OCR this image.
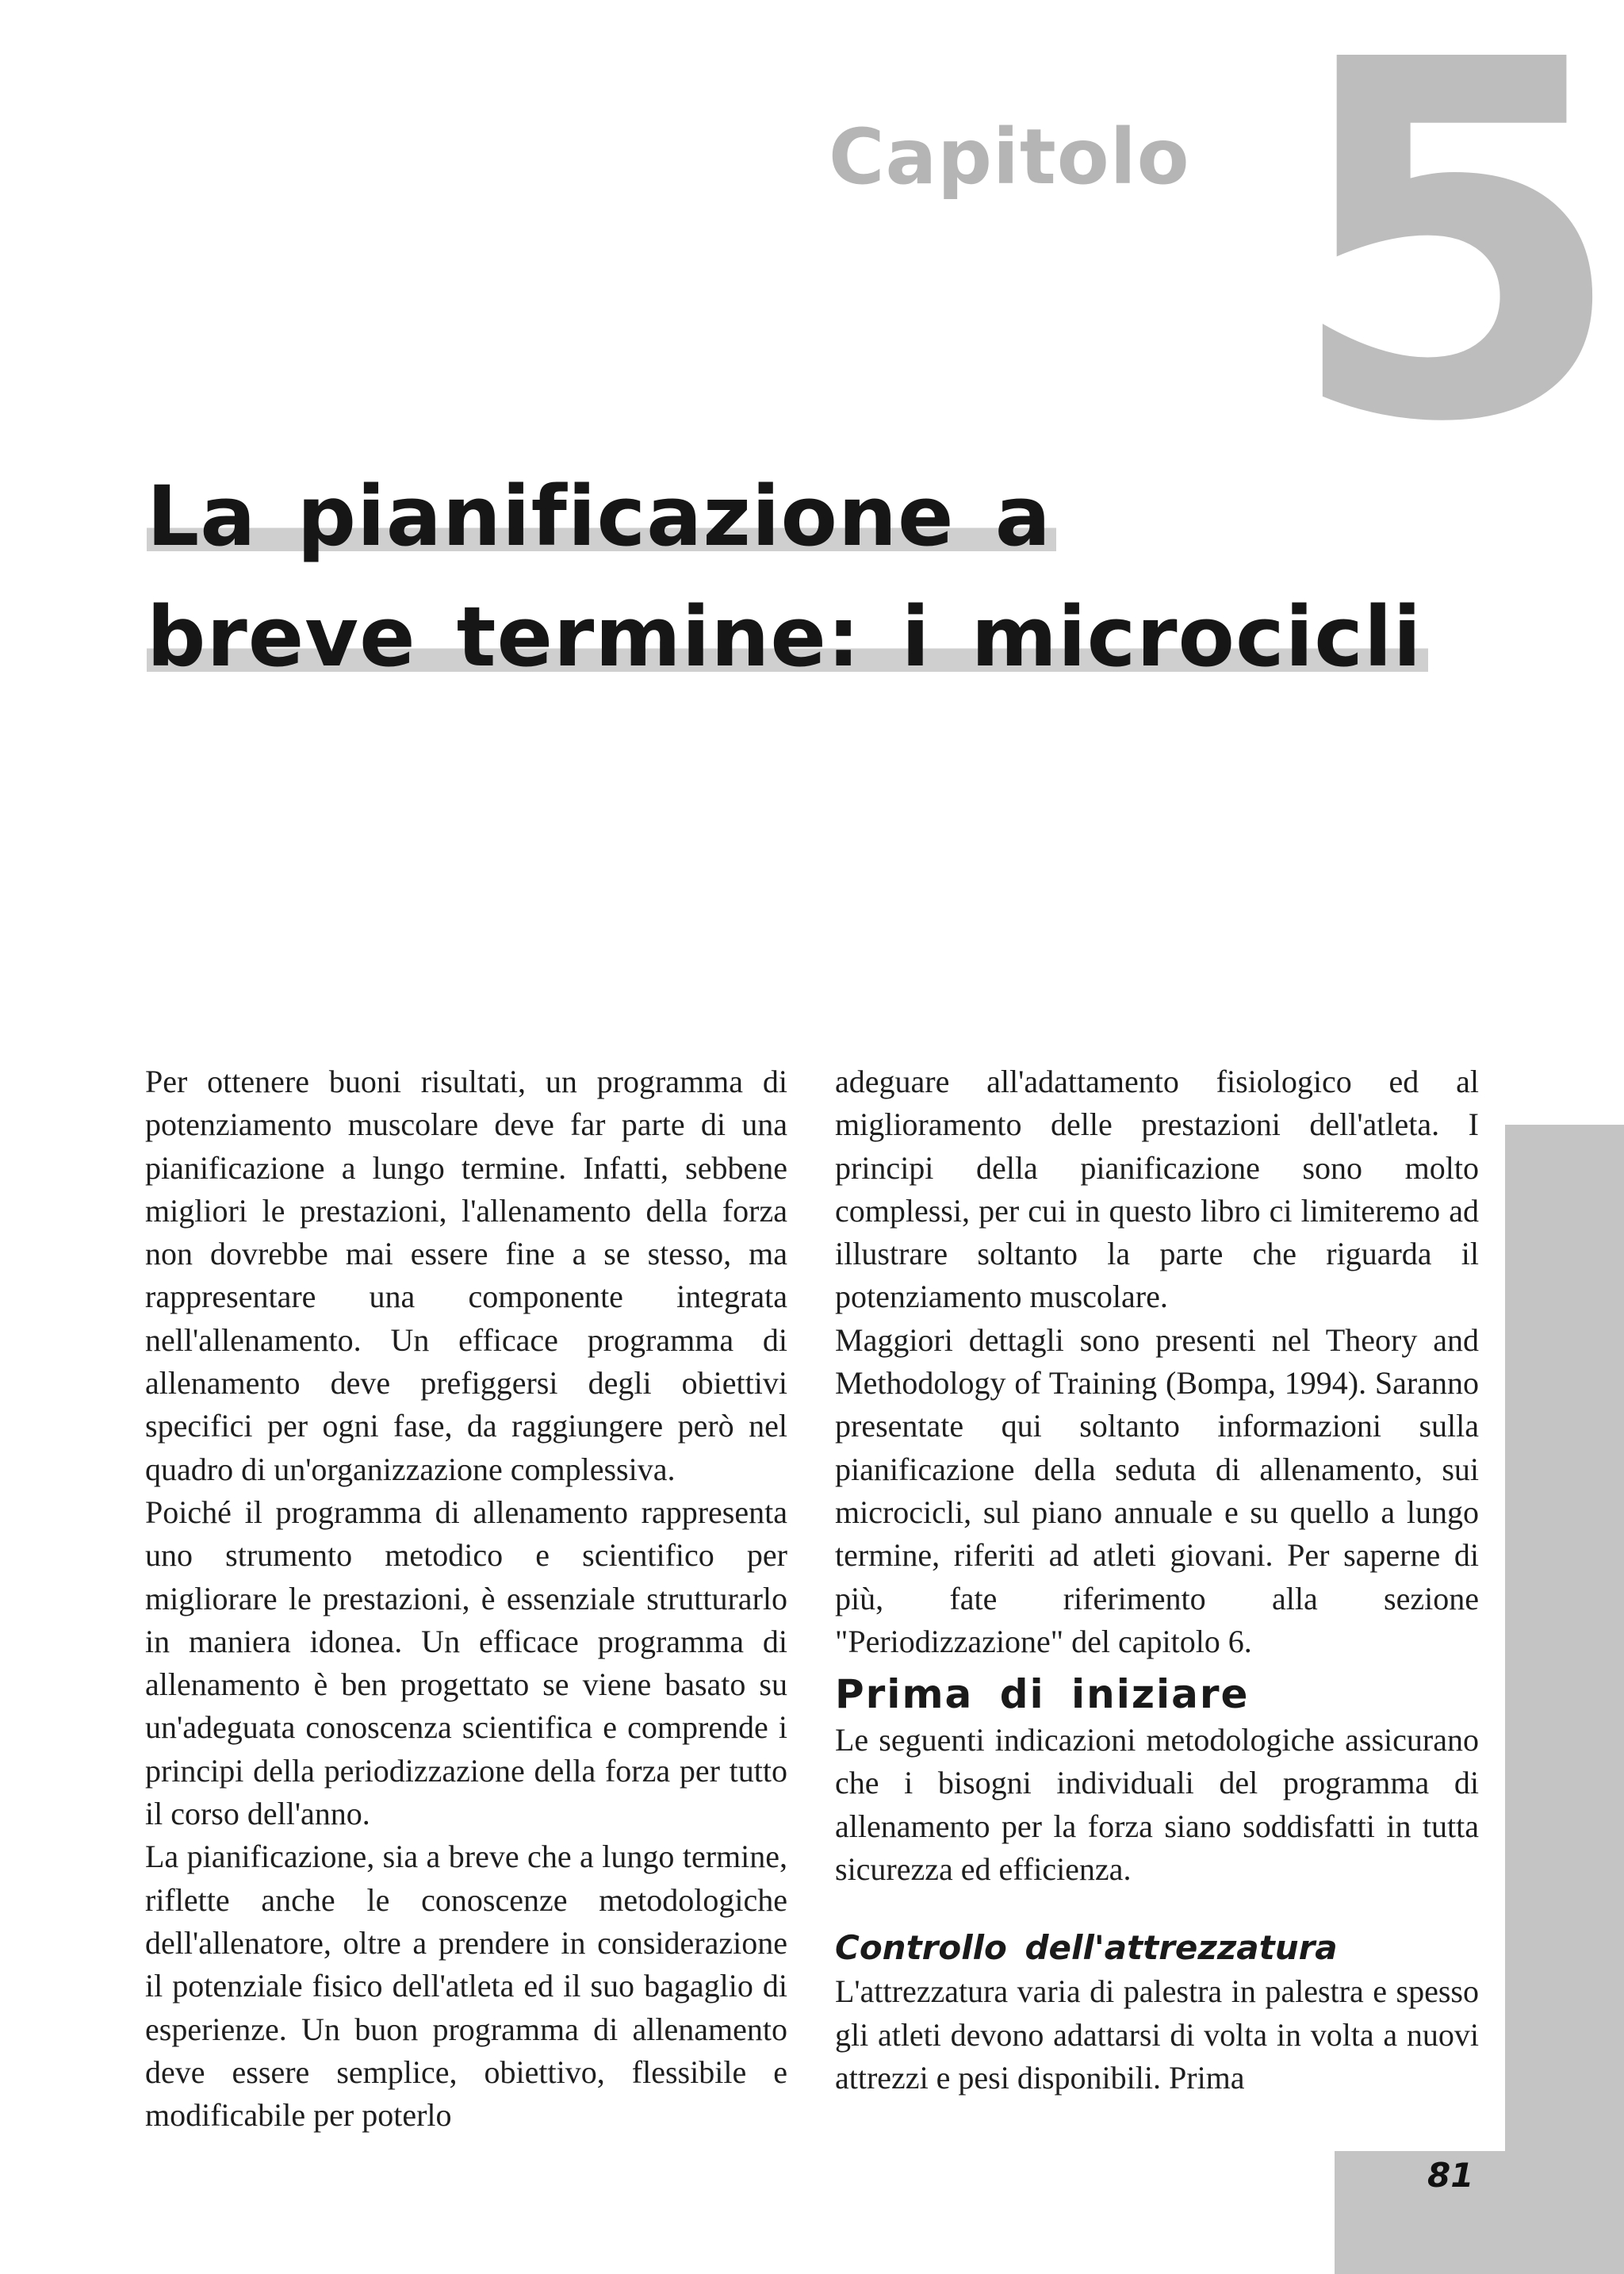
Capitolo 5
La pianificazione a
breve termine: i microcicli
81

Per ottenere buoni risultati, un programma di potenziamento muscolare deve far parte di una pianificazione a lungo termine. Infatti, sebbene migliori le prestazioni, l'allenamento della forza non dovrebbe mai essere fine a se stesso, ma rappresentare una componente integrata nell'allenamento. Un efficace programma di allenamento deve prefiggersi degli obiettivi specifici per ogni fase, da raggiungere però nel quadro di un'organizzazione complessiva.

Poiché il programma di allenamento rappresenta uno strumento metodico e scientifico per migliorare le prestazioni, è essenziale strutturarlo in maniera idonea. Un efficace programma di allenamento è ben progettato se viene basato su un'adeguata conoscenza scientifica e comprende i principi della periodizzazione della forza per tutto il corso dell'anno.

La pianificazione, sia a breve che a lungo termine, riflette anche le conoscenze metodologiche dell'allenatore, oltre a prendere in considerazione il potenziale fisico dell'atleta ed il suo bagaglio di esperienze. Un buon programma di allenamento deve essere semplice, obiettivo, flessibile e modificabile per poterlo

adeguare all'adattamento fisiologico ed al miglioramento delle prestazioni dell'atleta. I principi della pianificazione sono molto complessi, per cui in questo libro ci limiteremo ad illustrare soltanto la parte che riguarda il potenziamento muscolare.

Maggiori dettagli sono presenti nel Theory and Methodology of Training (Bompa, 1994). Saranno presentate qui soltanto informazioni sulla pianificazione della seduta di allenamento, sui microcicli, sul piano annuale e su quello a lungo termine, riferiti ad atleti giovani. Per saperne di più, fate riferimento alla sezione "Periodizzazione" del capitolo 6.

Prima di iniziare

Le seguenti indicazioni metodologiche assicurano che i bisogni individuali del programma di allenamento per la forza siano soddisfatti in tutta sicurezza ed efficienza.

Controllo dell'attrezzatura

L'attrezzatura varia di palestra in palestra e spesso gli atleti devono adattarsi di volta in volta a nuovi attrezzi e pesi disponibili. Prima
